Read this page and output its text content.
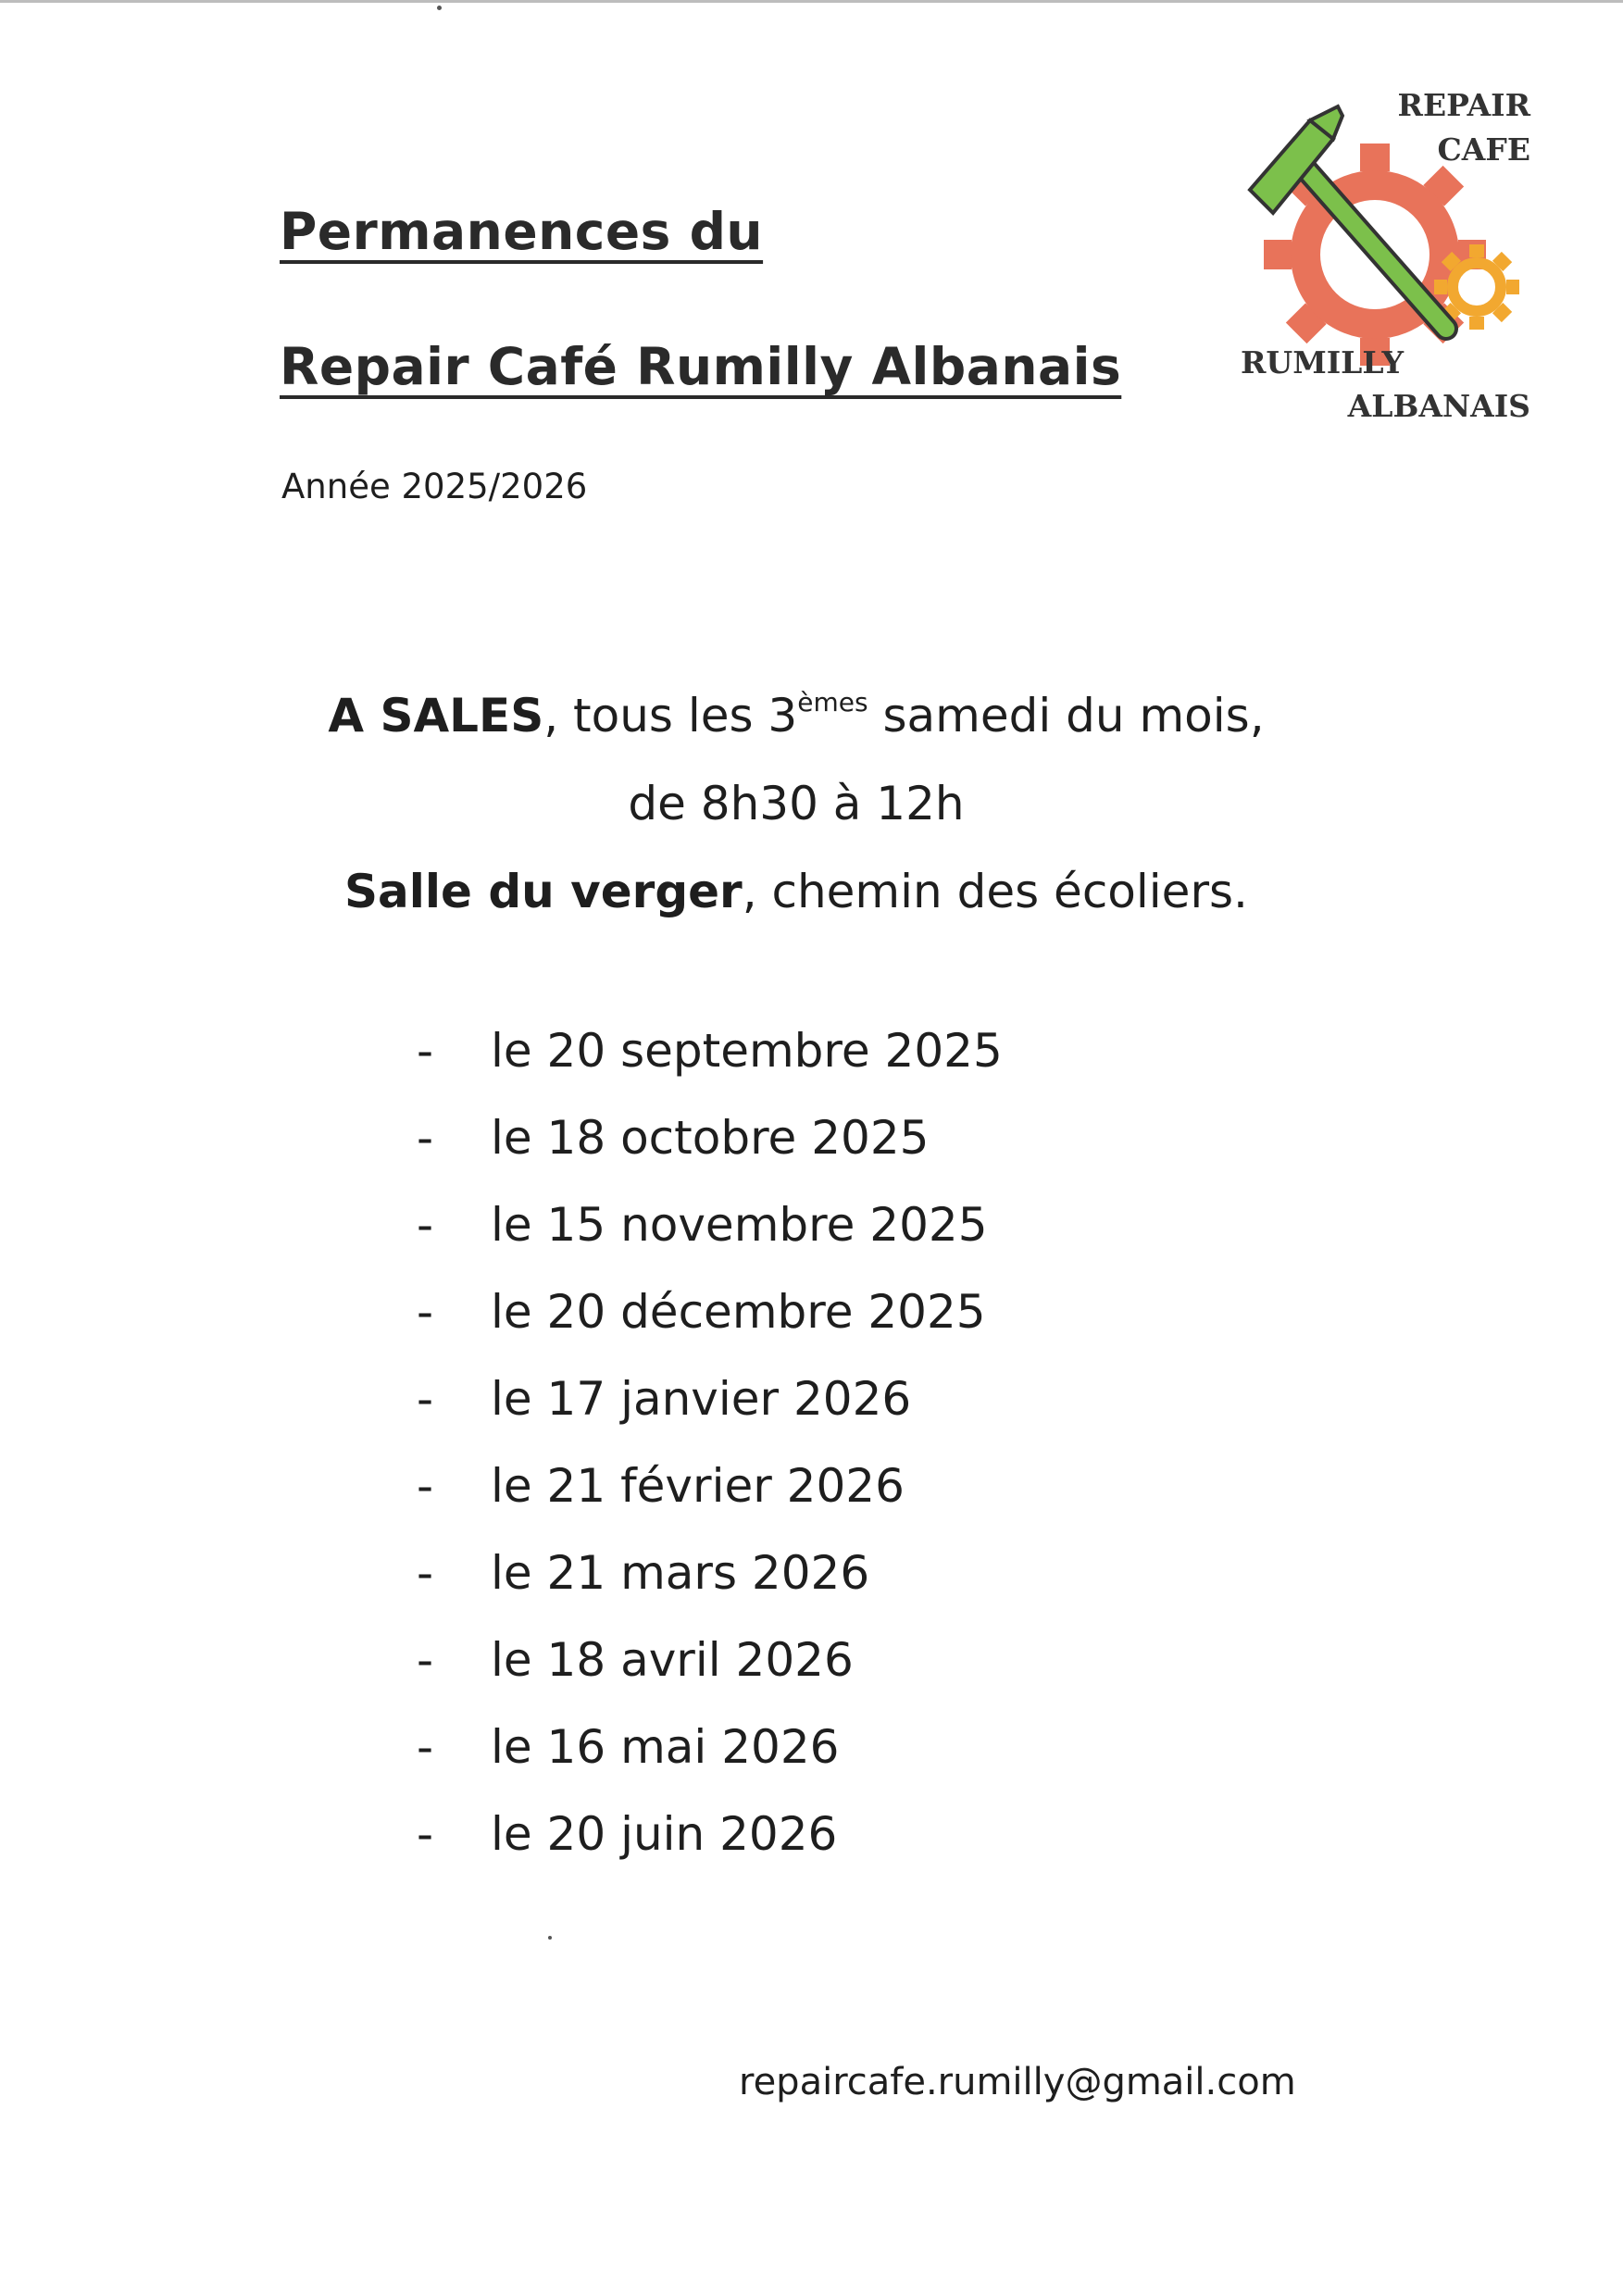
Permanences du
Repair Café Rumilly Albanais
Année 2025/2026
REPAIR
CAFE
RUMILLY
ALBANAIS

A SALES, tous les 3èmes samedi du mois,

de 8h30 à 12h

Salle du verger, chemin des écoliers.

-	le 20 septembre 2025
-	le 18 octobre 2025
-	le 15 novembre 2025
-	le 20 décembre 2025
-	le 17 janvier 2026
-	le 21 février 2026
-	le 21 mars 2026
-	le 18 avril 2026
-	le 16 mai 2026
-	le 20 juin 2026
repaircafe.rumilly@gmail.com
